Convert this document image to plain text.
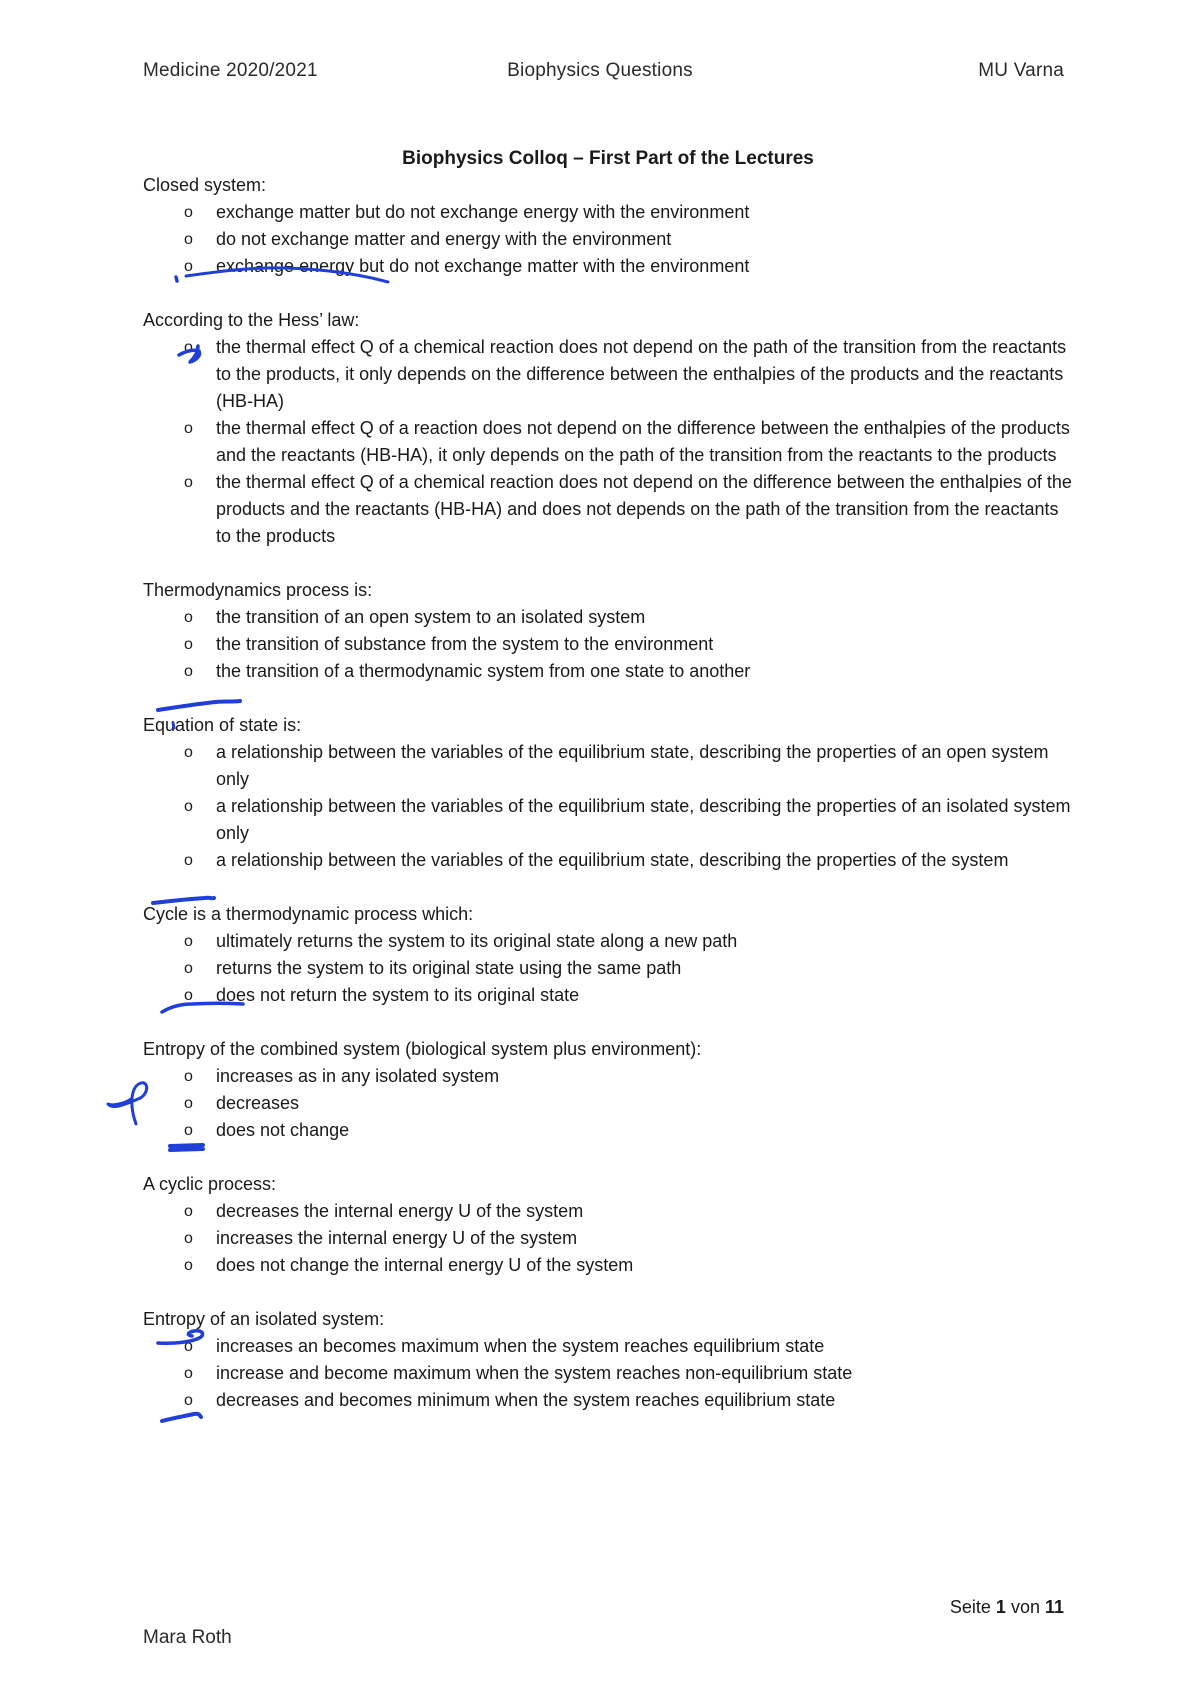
Medicine 2020/2021	Biophysics Questions	MU Varna
Biophysics Colloq – First Part of the Lectures

Closed system:

o exchange matter but do not exchange energy with the environment
o do not exchange matter and energy with the environment
o exchange energy but do not exchange matter with the environment

According to the Hess’ law:

o the thermal effect Q of a chemical reaction does not depend on the path of the transition from the reactants to the products, it only depends on the difference between the enthalpies of the products and the reactants (HB-HA)
o the thermal effect Q of a reaction does not depend on the difference between the enthalpies of the products and the reactants (HB-HA), it only depends on the path of the transition from the reactants to the products
o the thermal effect Q of a chemical reaction does not depend on the difference between the enthalpies of the products and the reactants (HB-HA) and does not depends on the path of the transition from the reactants to the products

Thermodynamics process is:

o the transition of an open system to an isolated system
o the transition of substance from the system to the environment
o the transition of a thermodynamic system from one state to another

Equation of state is:

o a relationship between the variables of the equilibrium state, describing the properties of an open system only
o a relationship between the variables of the equilibrium state, describing the properties of an isolated system only
o a relationship between the variables of the equilibrium state, describing the properties of the system

Cycle is a thermodynamic process which:

o ultimately returns the system to its original state along a new path
o returns the system to its original state using the same path
o does not return the system to its original state

Entropy of the combined system (biological system plus environment):

o increases as in any isolated system
o decreases
o does not change

A cyclic process:

o decreases the internal energy U of the system
o increases the internal energy U of the system
o does not change the internal energy U of the system

Entropy of an isolated system:

o increases an becomes maximum when the system reaches equilibrium state
o increase and become maximum when the system reaches non-equilibrium state
o decreases and becomes minimum when the system reaches equilibrium state
Seite 1 von 11
Mara Roth
